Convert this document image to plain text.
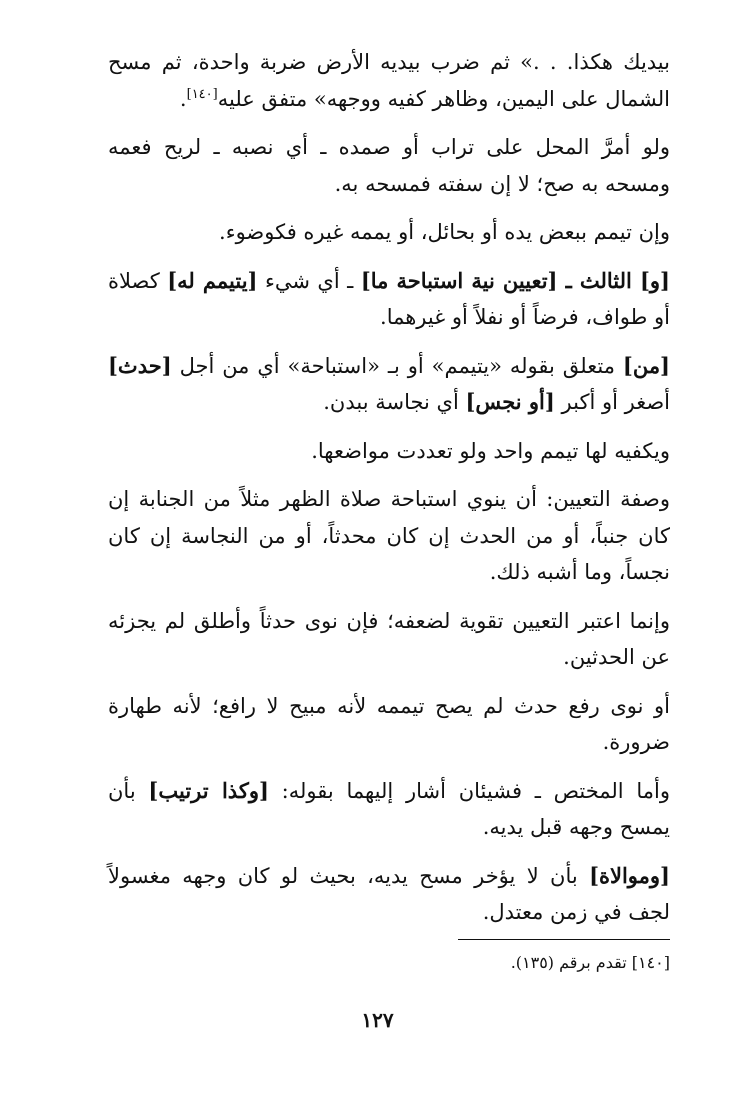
بيديك هكذا. . .» ثم ضرب بيديه الأرض ضربة واحدة، ثم مسح الشمال على اليمين، وظاهر كفيه ووجهه» متفق عليه[١٤٠].

ولو أمرَّ المحل على تراب أو صمده ـ أي نصبه ـ لريح فعمه ومسحه به صح؛ لا إن سفته فمسحه به.

وإن تيمم ببعض يده أو بحائل، أو يممه غيره فكوضوء.

[و] الثالث ـ [تعيين نية استباحة ما] ـ أي شيء [يتيمم له] كصلاة أو طواف، فرضاً أو نفلاً أو غيرهما.

[من] متعلق بقوله «يتيمم» أو بـ «استباحة» أي من أجل [حدث] أصغر أو أكبر [أو نجس] أي نجاسة ببدن.

ويكفيه لها تيمم واحد ولو تعددت مواضعها.

وصفة التعيين: أن ينوي استباحة صلاة الظهر مثلاً من الجنابة إن كان جنباً، أو من الحدث إن كان محدثاً، أو من النجاسة إن كان نجساً، وما أشبه ذلك.

وإنما اعتبر التعيين تقوية لضعفه؛ فإن نوى حدثاً وأطلق لم يجزئه عن الحدثين.

أو نوى رفع حدث لم يصح تيممه لأنه مبيح لا رافع؛ لأنه طهارة ضرورة.

وأما المختص ـ فشيئان أشار إليهما بقوله: [وكذا ترتيب] بأن يمسح وجهه قبل يديه.

[وموالاة] بأن لا يؤخر مسح يديه، بحيث لو كان وجهه مغسولاً لجف في زمن معتدل.

[١٤٠] تقدم برقم (١٣٥).
١٢٧
